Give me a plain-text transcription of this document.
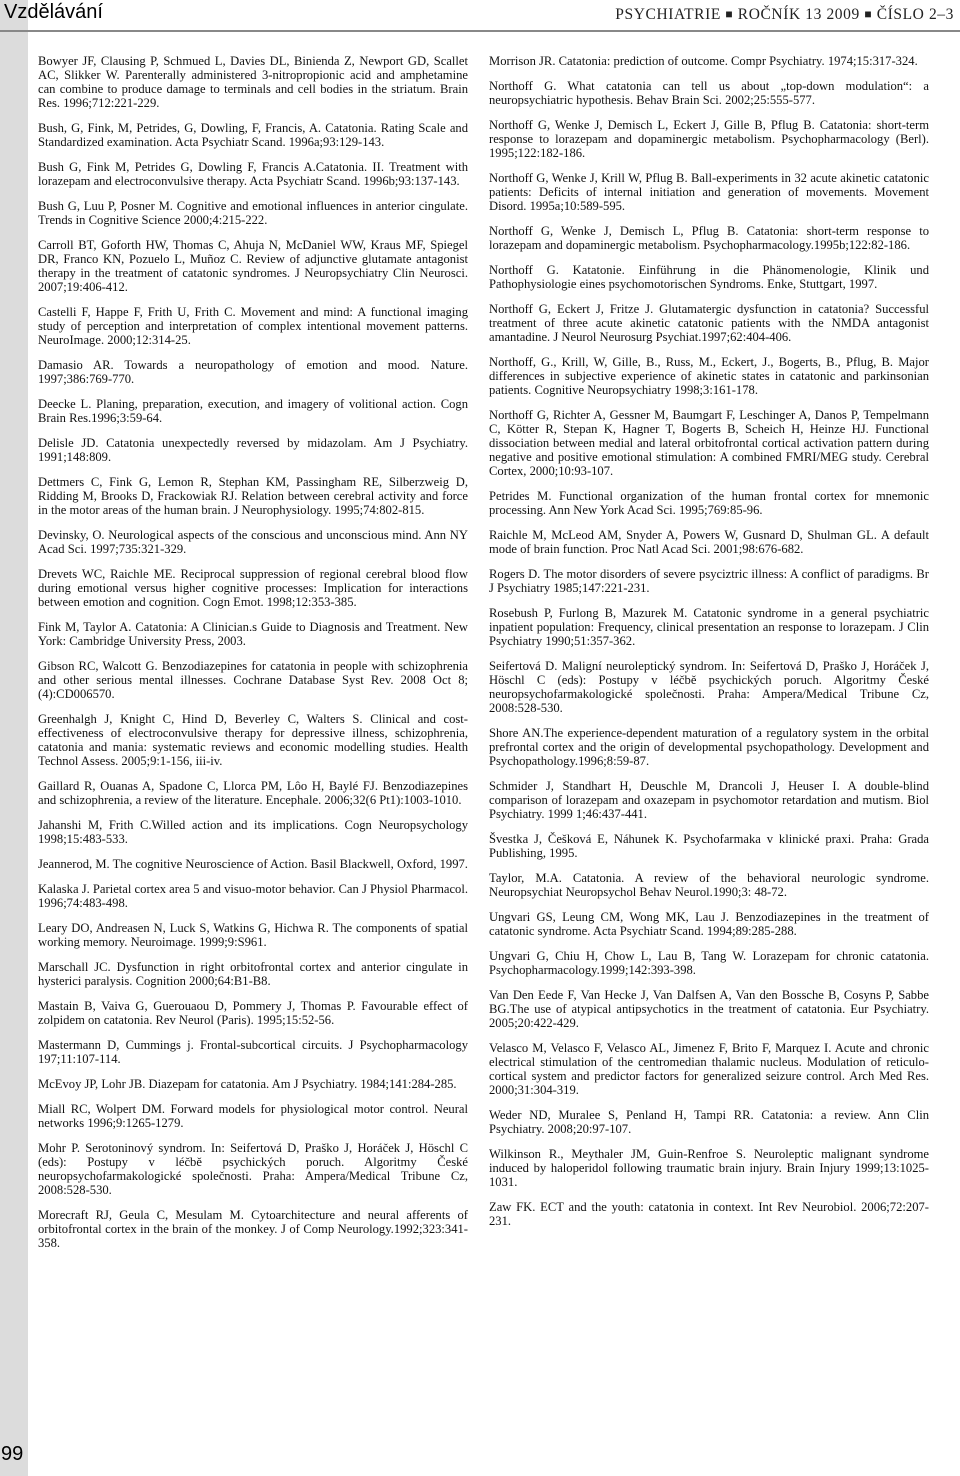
Vzdělávání	PSYCHIATRIE ■ ROČNÍK 13 2009 ■ ČÍSLO 2–3

Bowyer JF, Clausing P, Schmued L, Davies DL, Binienda Z, Newport GD, Scallet AC, Slikker W. Parenterally administered 3-nitropropionic acid and amphetamine can combine to produce damage to terminals and cell bodies in the striatum. Brain Res. 1996;712:221-229.

Bush, G, Fink, M, Petrides, G, Dowling, F, Francis, A. Catatonia. Rating Scale and Standardized examination. Acta Psychiatr Scand. 1996a;93:129-143.

Bush G, Fink M, Petrides G, Dowling F, Francis A.Catatonia. II. Treatment with lorazepam and electroconvulsive therapy. Acta Psychiatr Scand. 1996b;93:137-143.

Bush G, Luu P, Posner M. Cognitive and emotional influences in anterior cingulate. Trends in Cognitive Science 2000;4:215-222.

Carroll BT, Goforth HW, Thomas C, Ahuja N, McDaniel WW, Kraus MF, Spiegel DR, Franco KN, Pozuelo L, Muñoz C. Review of adjunctive glutamate antagonist therapy in the treatment of catatonic syndromes. J Neuropsychiatry Clin Neurosci. 2007;19:406-412.

Castelli F, Happe F, Frith U, Frith C. Movement and mind: A functional imaging study of perception and interpretation of complex intentional movement patterns. NeuroImage. 2000;12:314-25.

Damasio AR. Towards a neuropathology of emotion and mood. Nature. 1997;386:769-770.

Deecke L. Planing, preparation, execution, and imagery of volitional action. Cogn Brain Res.1996;3:59-64.

Delisle JD. Catatonia unexpectedly reversed by midazolam. Am J Psychiatry. 1991;148:809.

Dettmers C, Fink G, Lemon R, Stephan KM, Passingham RE, Silberzweig D, Ridding M, Brooks D, Frackowiak RJ. Relation between cerebral activity and force in the motor areas of the human brain. J Neurophysiology. 1995;74:802-815.

Devinsky, O. Neurological aspects of the conscious and unconscious mind. Ann NY Acad Sci. 1997;735:321-329.

Drevets WC, Raichle ME. Reciprocal suppression of regional cerebral blood flow during emotional versus higher cognitive processes: Implication for interactions between emotion and cognition. Cogn Emot. 1998;12:353-385.

Fink M, Taylor A. Catatonia: A Clinician.s Guide to Diagnosis and Treatment. New York: Cambridge University Press, 2003.

Gibson RC, Walcott G. Benzodiazepines for catatonia in people with schizophrenia and other serious mental illnesses. Cochrane Database Syst Rev. 2008 Oct 8;(4):CD006570.

Greenhalgh J, Knight C, Hind D, Beverley C, Walters S. Clinical and cost-effectiveness of electroconvulsive therapy for depressive illness, schizophrenia, catatonia and mania: systematic reviews and economic modelling studies. Health Technol Assess. 2005;9:1-156, iii-iv.

Gaillard R, Ouanas A, Spadone C, Llorca PM, Lôo H, Baylé FJ. Benzodiazepines and schizophrenia, a review of the literature. Encephale. 2006;32(6 Pt1):1003-1010.

Jahanshi M, Frith C.Willed action and its implications. Cogn Neuropsychology 1998;15:483-533.

Jeannerod, M. The cognitive Neuroscience of Action. Basil Blackwell, Oxford, 1997.

Kalaska J. Parietal cortex area 5 and visuo-motor behavior. Can J Physiol Pharmacol. 1996;74:483-498.

Leary DO, Andreasen N, Luck S, Watkins G, Hichwa R. The components of spatial working memory. Neuroimage. 1999;9:S961.

Marschall JC. Dysfunction in right orbitofrontal cortex and anterior cingulate in hysterici paralysis. Cognition 2000;64:B1-B8.

Mastain B, Vaiva G, Guerouaou D, Pommery J, Thomas P. Favourable effect of zolpidem on catatonia. Rev Neurol (Paris). 1995;15:52-56.

Mastermann D, Cummings j. Frontal-subcortical circuits. J Psychopharmacology 197;11:107-114.

McEvoy JP, Lohr JB. Diazepam for catatonia. Am J Psychiatry. 1984;141:284-285.

Miall RC, Wolpert DM. Forward models for physiological motor control. Neural networks 1996;9:1265-1279.

Mohr P. Serotoninový syndrom. In: Seifertová D, Praško J, Horáček J, Höschl C (eds): Postupy v léčbě psychických poruch. Algoritmy České neuropsychofarmakologické společnosti. Praha: Ampera/Medical Tribune Cz, 2008:528-530.

Morecraft RJ, Geula C, Mesulam M. Cytoarchitecture and neural afferents of orbitofrontal cortex in the brain of the monkey. J of Comp Neurology.1992;323:341-358.

Morrison JR. Catatonia: prediction of outcome. Compr Psychiatry. 1974;15:317-324.

Northoff G. What catatonia can tell us about „top-down modulation“: a neuropsychiatric hypothesis. Behav Brain Sci. 2002;25:555-577.

Northoff G, Wenke J, Demisch L, Eckert J, Gille B, Pflug B. Catatonia: short-term response to lorazepam and dopaminergic metabolism. Psychopharmacology (Berl). 1995;122:182-186.

Northoff G, Wenke J, Krill W, Pflug B. Ball-experiments in 32 acute akinetic catatonic patients: Deficits of internal initiation and generation of movements. Movement Disord. 1995a;10:589-595.

Northoff G, Wenke J, Demisch L, Pflug B. Catatonia: short-term response to lorazepam and dopaminergic metabolism. Psychopharmacology.1995b;122:82-186.

Northoff G. Katatonie. Einführung in die Phänomenologie, Klinik und Pathophysiologie eines psychomotorischen Syndroms. Enke, Stuttgart, 1997.

Northoff G, Eckert J, Fritze J. Glutamatergic dysfunction in catatonia? Successful treatment of three acute akinetic catatonic patients with the NMDA antagonist amantadine. J Neurol Neurosurg Psychiat.1997;62:404-406.

Northoff, G., Krill, W, Gille, B., Russ, M., Eckert, J., Bogerts, B., Pflug, B. Major differences in subjective experience of akinetic states in catatonic and parkinsonian patients. Cognitive Neuropsychiatry 1998;3:161-178.

Northoff G, Richter A, Gessner M, Baumgart F, Leschinger A, Danos P, Tempelmann C, Kötter R, Stepan K, Hagner T, Bogerts B, Scheich H, Heinze HJ. Functional dissociation between medial and lateral orbitofrontal cortical activation pattern during negative and positive emotional stimulation: A combined FMRI/MEG study. Cerebral Cortex, 2000;10:93-107.

Petrides M. Functional organization of the human frontal cortex for mnemonic processing. Ann New York Acad Sci. 1995;769:85-96.

Raichle M, McLeod AM, Snyder A, Powers W, Gusnard D, Shulman GL. A default mode of brain function. Proc Natl Acad Sci. 2001;98:676-682.

Rogers D. The motor disorders of severe psyciztric illness: A conflict of paradigms. Br J Psychiatry 1985;147:221-231.

Rosebush P, Furlong B, Mazurek M. Catatonic syndrome in a general psychiatric inpatient population: Frequency, clinical presentation an response to lorazepam. J Clin Psychiatry 1990;51:357-362.

Seifertová D. Maligní neuroleptický syndrom. In: Seifertová D, Praško J, Horáček J, Höschl C (eds): Postupy v léčbě psychických poruch. Algoritmy České neuropsychofarmakologické společnosti. Praha: Ampera/Medical Tribune Cz, 2008:528-530.

Shore AN.The experience-dependent maturation of a regulatory system in the orbital prefrontal cortex and the origin of developmental psychopathology. Development and Psychopathology.1996;8:59-87.

Schmider J, Standhart H, Deuschle M, Drancoli J, Heuser I. A double-blind comparison of lorazepam and oxazepam in psychomotor retardation and mutism. Biol Psychiatry. 1999 1;46:437-441.

Švestka J, Češková E, Náhunek K. Psychofarmaka v klinické praxi. Praha: Grada Publishing, 1995.

Taylor, M.A. Catatonia. A review of the behavioral neurologic syndrome. Neuropsychiat Neuropsychol Behav Neurol.1990;3: 48-72.

Ungvari GS, Leung CM, Wong MK, Lau J. Benzodiazepines in the treatment of catatonic syndrome. Acta Psychiatr Scand. 1994;89:285-288.

Ungvari G, Chiu H, Chow L, Lau B, Tang W. Lorazepam for chronic catatonia. Psychopharmacology.1999;142:393-398.

Van Den Eede F, Van Hecke J, Van Dalfsen A, Van den Bossche B, Cosyns P, Sabbe BG.The use of atypical antipsychotics in the treatment of catatonia. Eur Psychiatry. 2005;20:422-429.

Velasco M, Velasco F, Velasco AL, Jimenez F, Brito F, Marquez I. Acute and chronic electrical stimulation of the centromedian thalamic nucleus. Modulation of reticulo-cortical system and predictor factors for generalized seizure control. Arch Med Res. 2000;31:304-319.

Weder ND, Muralee S, Penland H, Tampi RR. Catatonia: a review. Ann Clin Psychiatry. 2008;20:97-107.

Wilkinson R., Meythaler JM, Guin-Renfroe S. Neuroleptic malignant syndrome induced by haloperidol following traumatic brain injury. Brain Injury 1999;13:1025-1031.

Zaw FK. ECT and the youth: catatonia in context. Int Rev Neurobiol. 2006;72:207-231.

99
